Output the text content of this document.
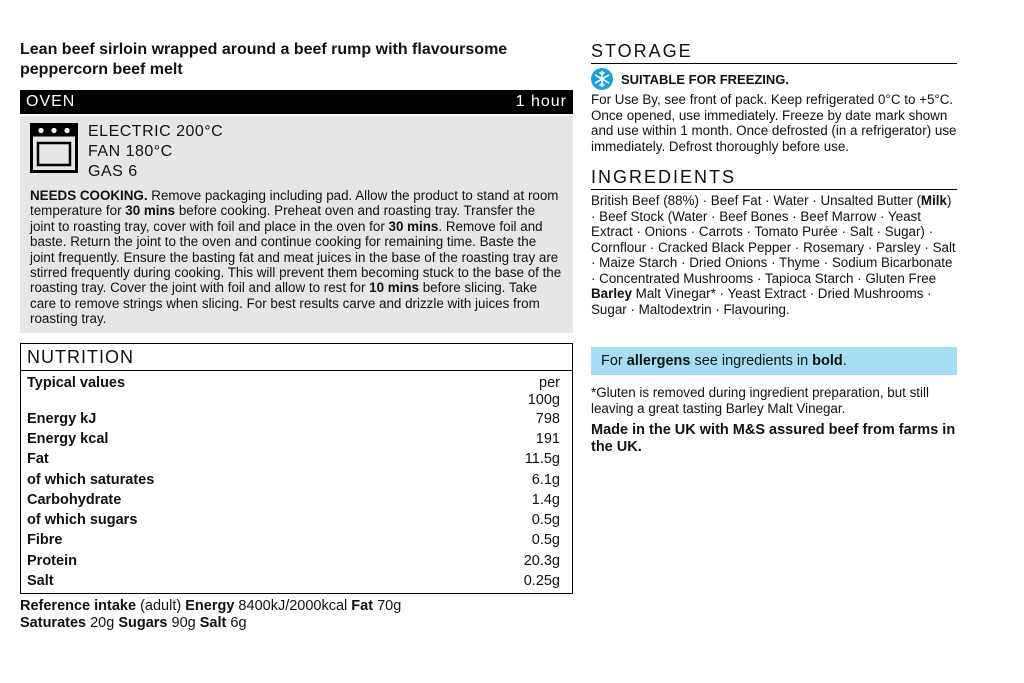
Lean beef sirloin wrapped around a beef rump with flavoursome peppercorn beef melt
OVEN	1 hour
ELECTRIC 200°C
FAN 180°C
GAS 6
NEEDS COOKING. Remove packaging including pad. Allow the product to stand at room temperature for 30 mins before cooking. Preheat oven and roasting tray. Transfer the joint to roasting tray, cover with foil and place in the oven for 30 mins. Remove foil and baste. Return the joint to the oven and continue cooking for remaining time. Baste the joint frequently. Ensure the basting fat and meat juices in the base of the roasting tray are stirred frequently during cooking. This will prevent them becoming stuck to the base of the roasting tray. Cover the joint with foil and allow to rest for 10 mins before slicing. Take care to remove strings when slicing. For best results carve and drizzle with juices from roasting tray.
NUTRITION
Typical values	per
100g
Energy kJ	798
Energy kcal	191
Fat	11.5g
of which saturates	6.1g
Carbohydrate	1.4g
of which sugars	0.5g
Fibre	0.5g
Protein	20.3g
Salt	0.25g
Reference intake (adult) Energy 8400kJ/2000kcal Fat 70g
Saturates 20g Sugars 90g Salt 6g
STORAGE
SUITABLE FOR FREEZING.
For Use By, see front of pack. Keep refrigerated 0°C to +5°C. Once opened, use immediately. Freeze by date mark shown and use within 1 month. Once defrosted (in a refrigerator) use immediately. Defrost thoroughly before use.
INGREDIENTS
British Beef (88%) · Beef Fat · Water · Unsalted Butter (Milk) · Beef Stock (Water · Beef Bones · Beef Marrow · Yeast Extract · Onions · Carrots · Tomato Purée · Salt · Sugar) · Cornflour · Cracked Black Pepper · Rosemary · Parsley · Salt · Maize Starch · Dried Onions · Thyme · Sodium Bicarbonate · Concentrated Mushrooms · Tapioca Starch · Gluten Free Barley Malt Vinegar* · Yeast Extract · Dried Mushrooms · Sugar · Maltodextrin · Flavouring.
For allergens see ingredients in bold.
*Gluten is removed during ingredient preparation, but still leaving a great tasting Barley Malt Vinegar.
Made in the UK with M&S assured beef from farms in the UK.
